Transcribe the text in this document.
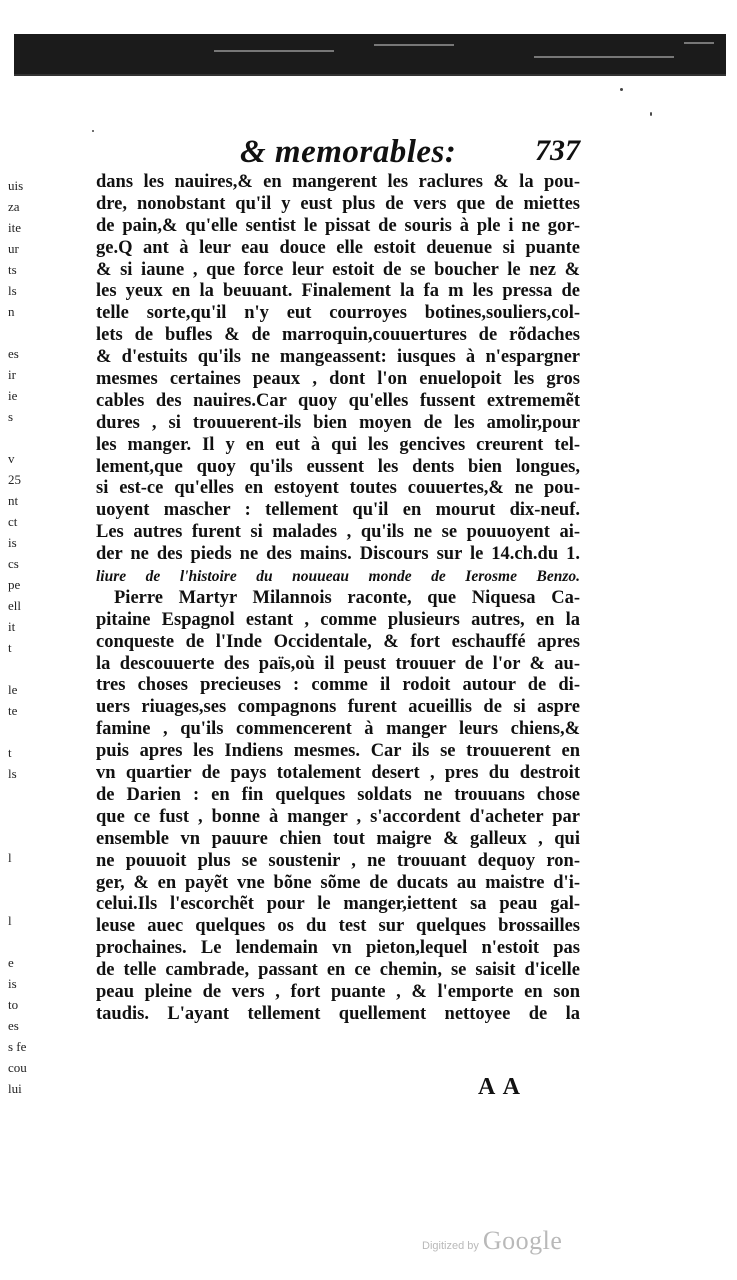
uis
za
ite
ur
ts
ls
n
es
ir
ie
s
v
25
nt
ct
is
cs
pe
ell
it
t
le
te
t
ls
l
l
e
is
to
es
s fe
cou
lui
& memorables:	737
dans les nauires,& en mangerent les raclures & la pou-
dre, nonobstant qu'il y eust plus de vers que de miettes
de pain,& qu'elle sentist le pissat de souris à ple i ne gor-
ge.Q ant à leur eau douce elle estoit deuenue si puante
& si iaune , que force leur estoit de se boucher le nez &
les yeux en la beuuant. Finalement la fa m les pressa de
telle sorte,qu'il n'y eut courroyes botines,souliers,col-
lets de bufles & de marroquin,couuertures de rõdaches
& d'estuits qu'ils ne mangeassent: iusques à n'espargner
mesmes certaines peaux , dont l'on enuelopoit les gros
cables des nauires.Car quoy qu'elles fussent extrememẽt
dures , si trouuerent-ils bien moyen de les amolir,pour
les manger. Il y en eut à qui les gencives creurent tel-
lement,que quoy qu'ils eussent les dents bien longues,
si est-ce qu'elles en estoyent toutes couuertes,& ne pou-
uoyent mascher : tellement qu'il en mourut dix-neuf.
Les autres furent si malades , qu'ils ne se pouuoyent ai-
der ne des pieds ne des mains. Discours sur le 14.ch.du 1.
liure de l'histoire du nouueau monde de Ierosme Benzo.
Pierre Martyr Milannois raconte, que Niquesa Ca-
pitaine Espagnol estant , comme plusieurs autres, en la
conqueste de l'Inde Occidentale, & fort eschauffé apres
la descouuerte des païs,où il peust trouuer de l'or & au-
tres choses precieuses : comme il rodoit autour de di-
uers riuages,ses compagnons furent acueillis de si aspre
famine , qu'ils commencerent à manger leurs chiens,&
puis apres les Indiens mesmes. Car ils se trouuerent en
vn quartier de pays totalement desert , pres du destroit
de Darien : en fin quelques soldats ne trouuans chose
que ce fust , bonne à manger , s'accordent d'acheter par
ensemble vn pauure chien tout maigre & galleux , qui
ne pouuoit plus se soustenir , ne trouuant dequoy ron-
ger, & en payẽt vne bõne sõme de ducats au maistre d'i-
celui.Ils l'escorchẽt pour le manger,iettent sa peau gal-
leuse auec quelques os du test sur quelques brossailles
prochaines. Le lendemain vn pieton,lequel n'estoit pas
de telle cambrade, passant en ce chemin, se saisit d'icelle
peau pleine de vers , fort puante , & l'emporte en son
taudis. L'ayant tellement quellement nettoyee de la
A A
Digitized by Google
